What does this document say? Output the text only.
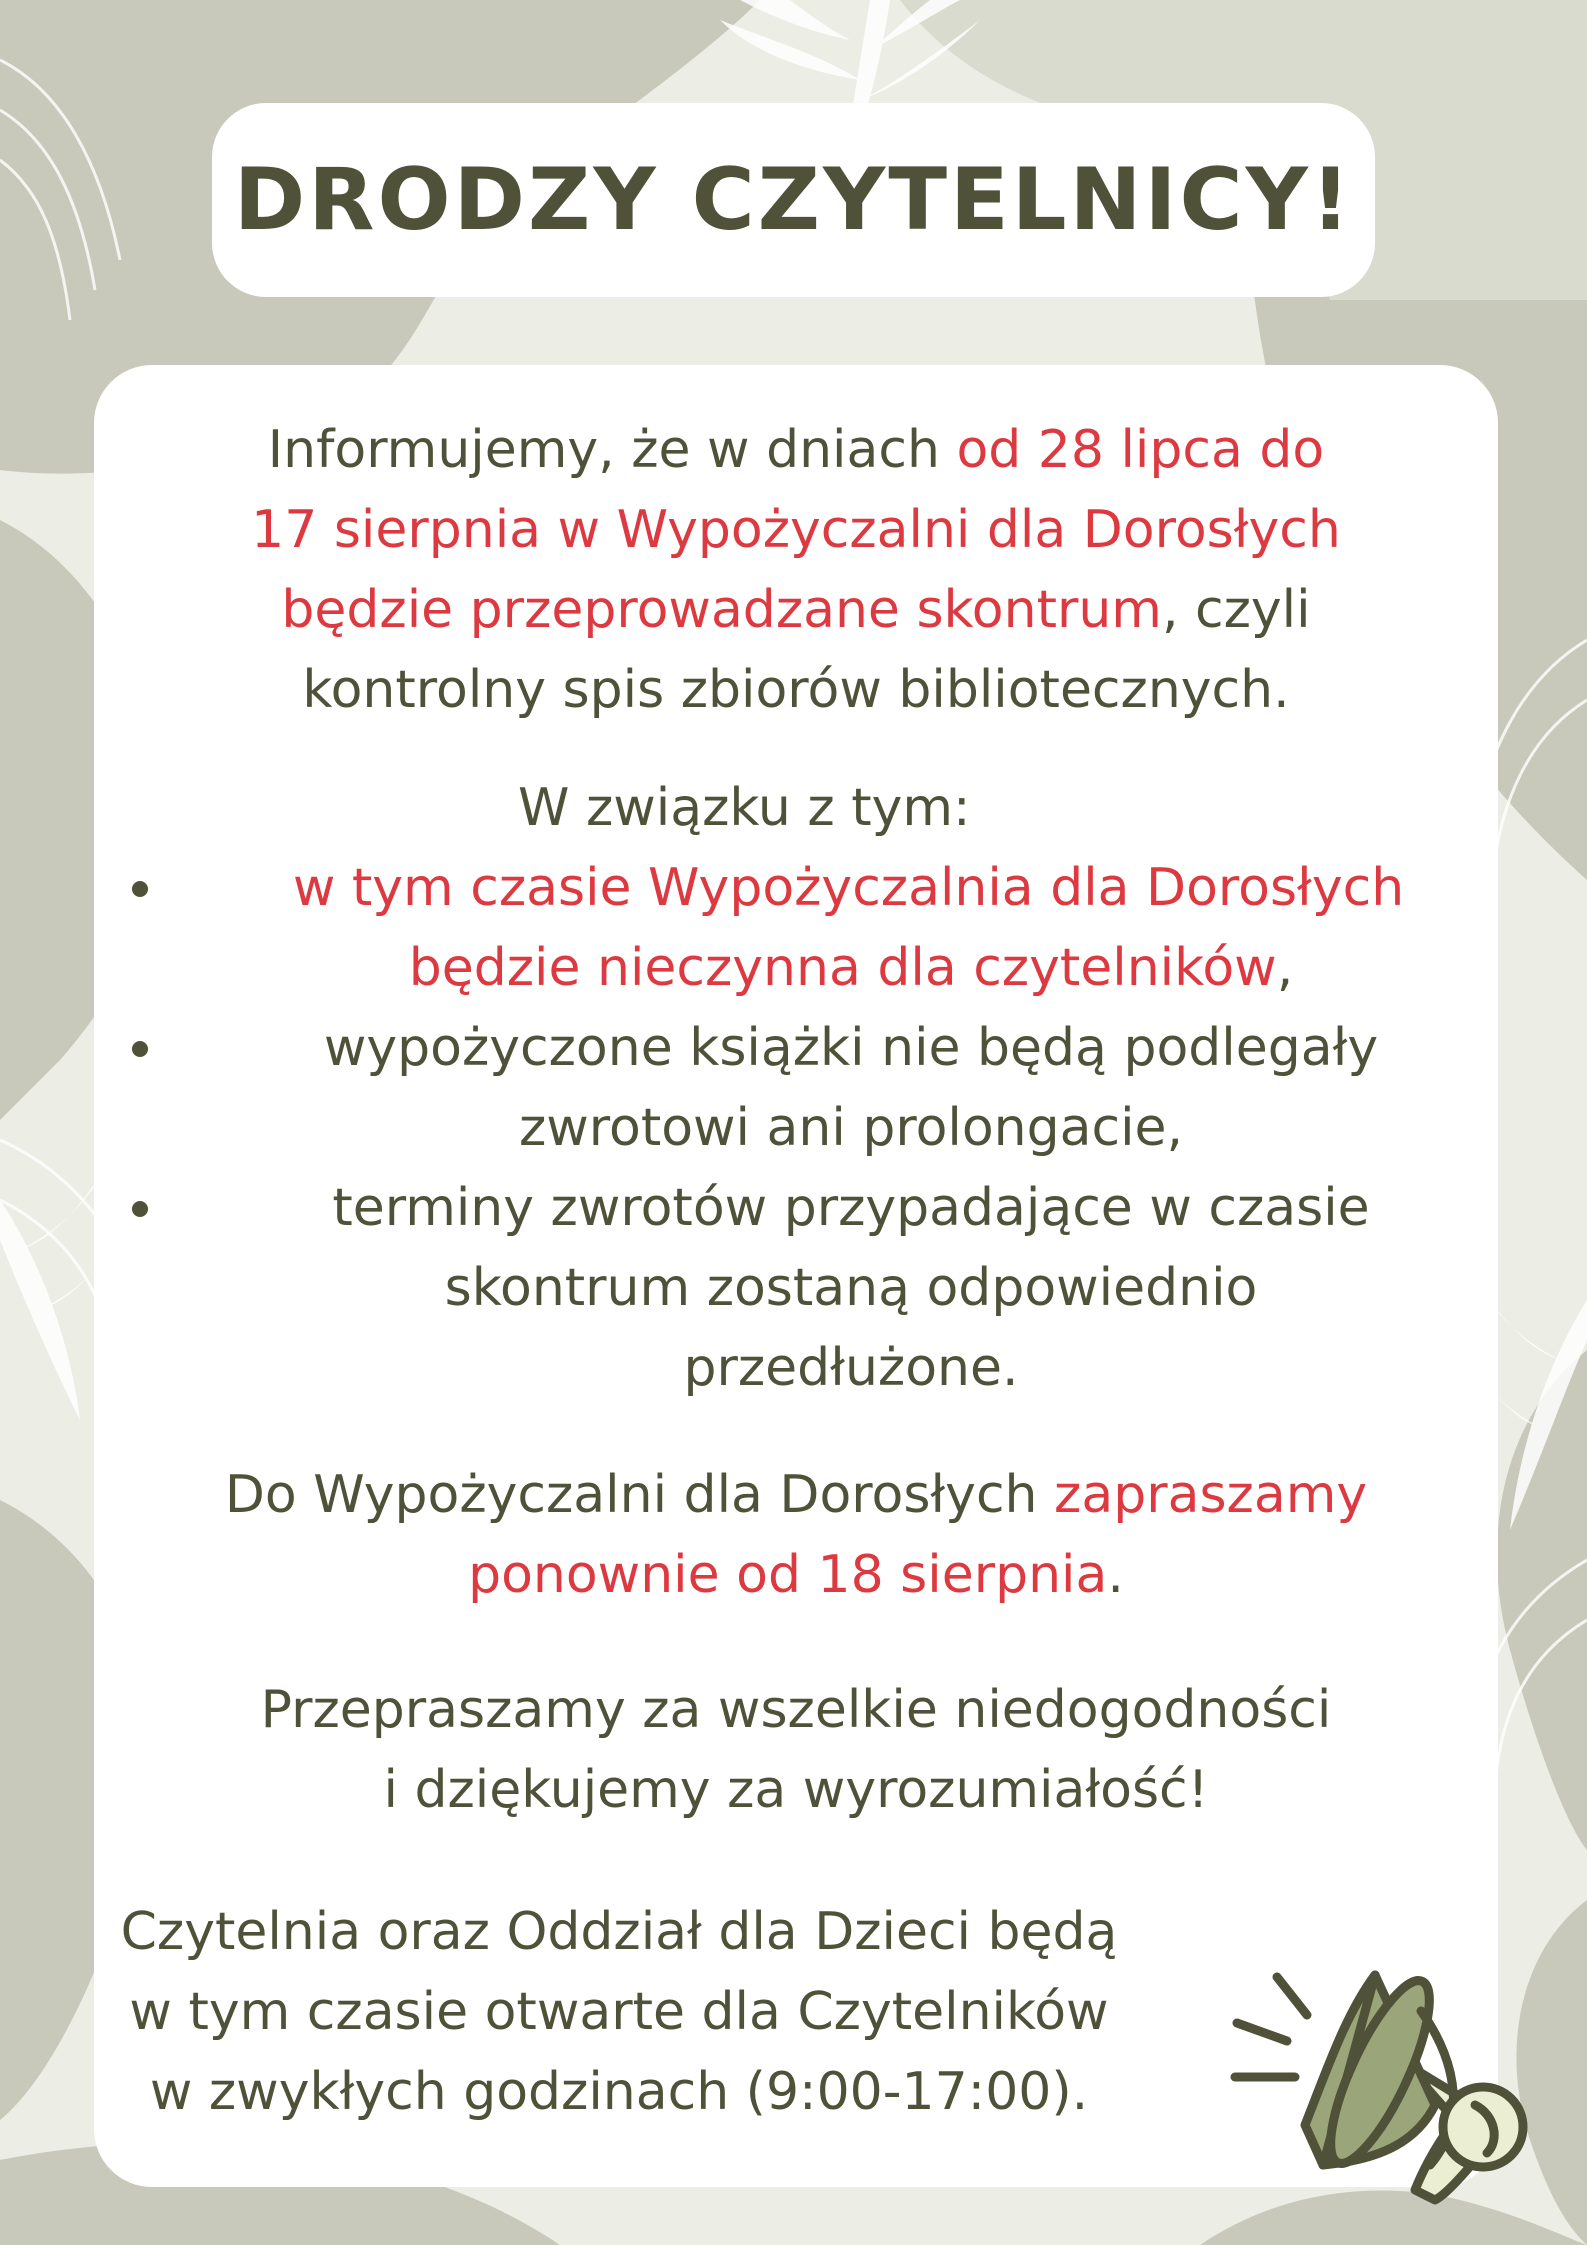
DRODZY CZYTELNICY!

Informujemy, że w dniach od 28 lipca do
17 sierpnia w Wypożyczalni dla Dorosłych
będzie przeprowadzane skontrum, czyli
kontrolny spis zbiorów bibliotecznych.

W związku z tym:

w tym czasie Wypożyczalnia dla Dorosłych
będzie nieczynna dla czytelników,
wypożyczone książki nie będą podlegały
zwrotowi ani prolongacie,
terminy zwrotów przypadające w czasie
skontrum zostaną odpowiednio
przedłużone.

Do Wypożyczalni dla Dorosłych zapraszamy
ponownie od 18 sierpnia.

Przepraszamy za wszelkie niedogodności
i dziękujemy za wyrozumiałość!

Czytelnia oraz Oddział dla Dzieci będą
w tym czasie otwarte dla Czytelników
w zwykłych godzinach (9:00-17:00).
